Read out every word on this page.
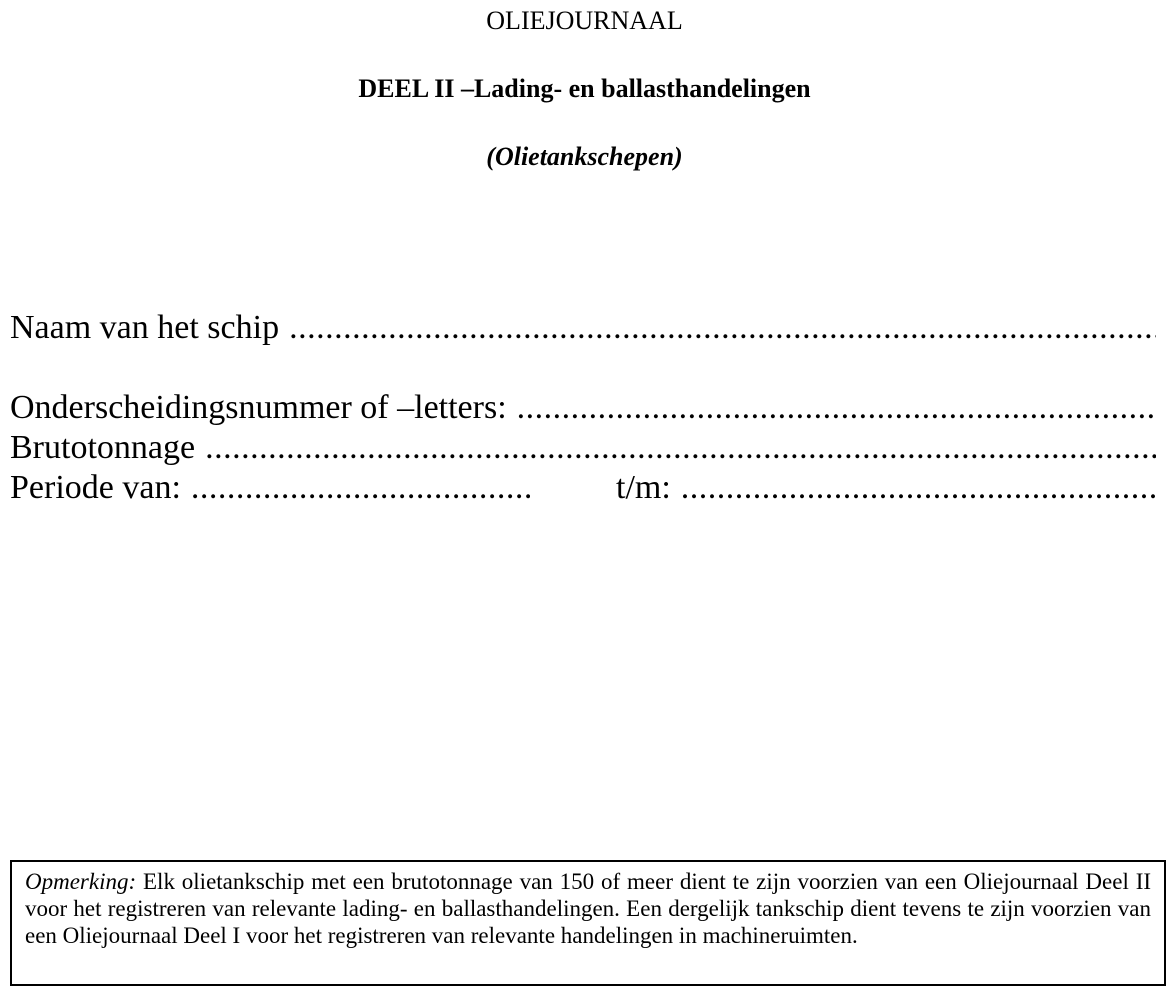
OLIEJOURNAAL
DEEL II –Lading- en ballasthandelingen
(Olietankschepen)
Naam van het schip
.....
Onderscheidingsnummer of –letters:
.....
Brutotonnage
.....
Periode van:
.....	t/m:
.....
Opmerking: Elk olietankschip met een brutotonnage van 150 of meer dient te zijn voorzien van een Oliejournaal Deel II voor het registreren van relevante lading- en ballasthandelingen. Een dergelijk tankschip dient tevens te zijn voorzien van een Oliejournaal Deel I voor het registreren van relevante handelingen in machineruimten.
